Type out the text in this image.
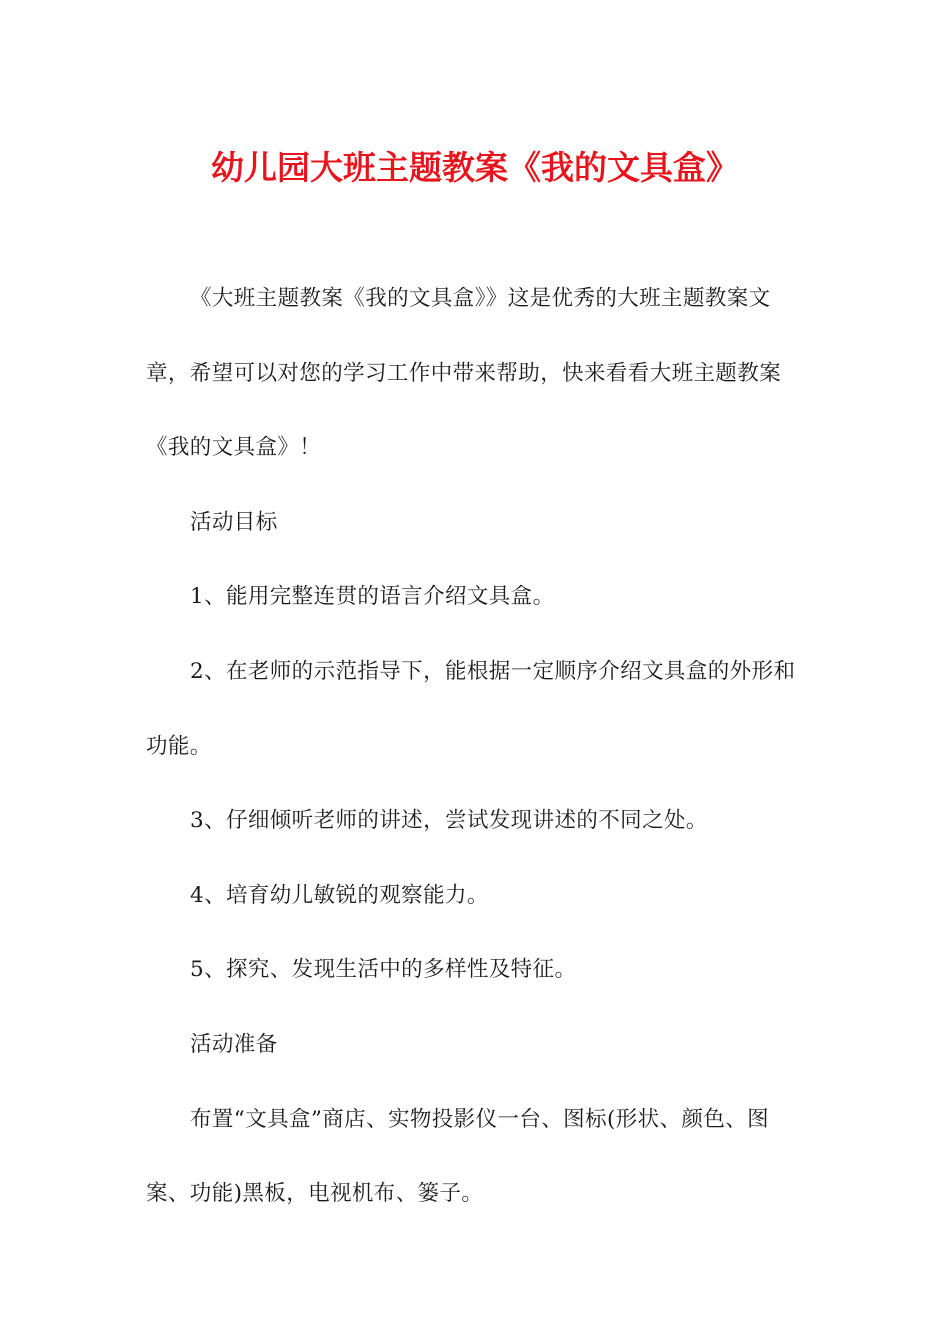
幼儿园大班主题教案《我的文具盒》

《大班主题教案《我的文具盒》》这是优秀的大班主题教案文章，希望可以对您的学习工作中带来帮助，快来看看大班主题教案《我的文具盒》！

活动目标

1、能用完整连贯的语言介绍文具盒。

2、在老师的示范指导下，能根据一定顺序介绍文具盒的外形和功能。

3、仔细倾听老师的讲述，尝试发现讲述的不同之处。

4、培育幼儿敏锐的观察能力。

5、探究、发现生活中的多样性及特征。

活动准备

布置“文具盒”商店、实物投影仪一台、图标(形状、颜色、图案、功能)黑板，电视机布、篓子。
